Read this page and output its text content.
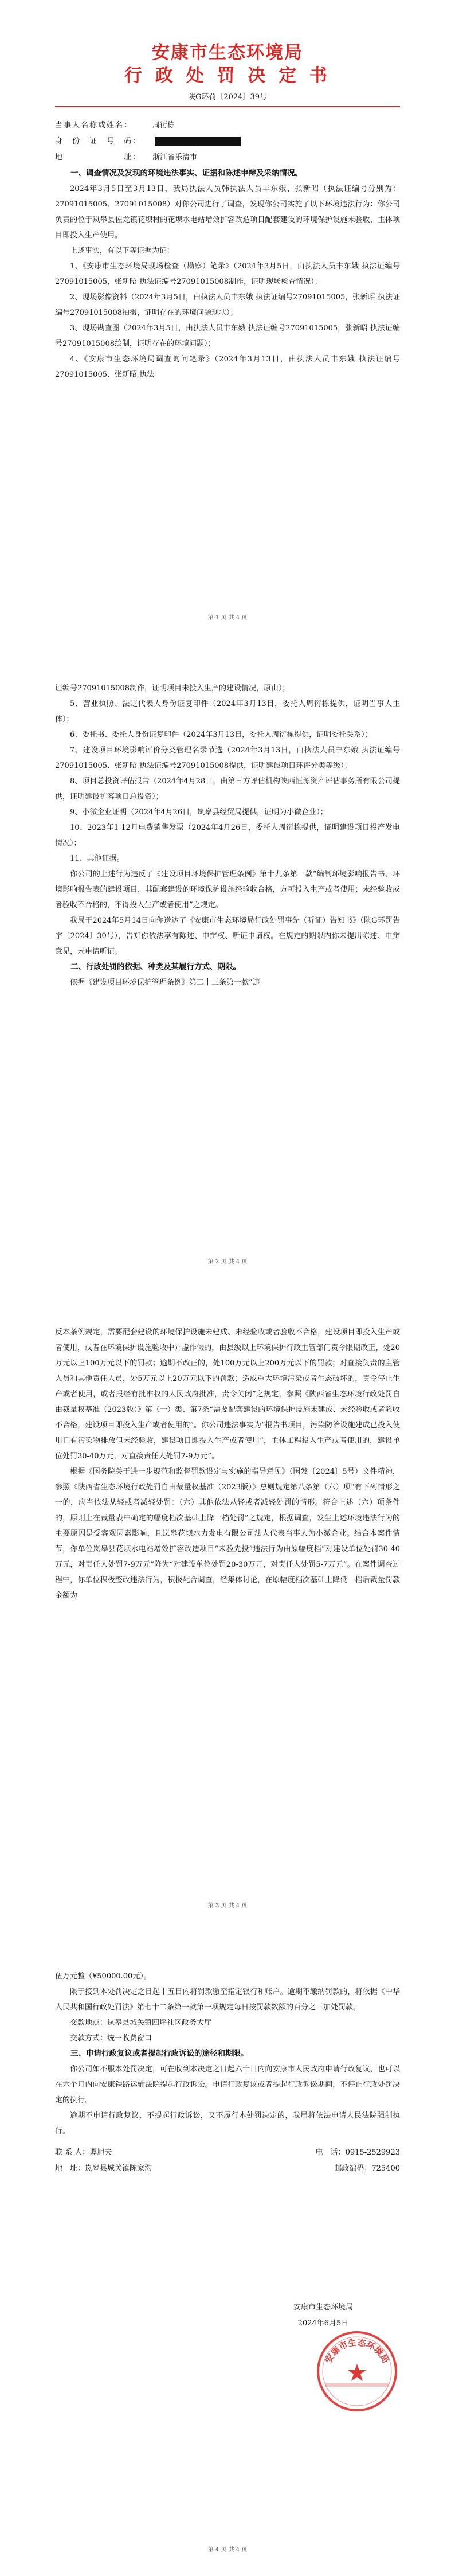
安康市生态环境局
行 政 处 罚 决 定 书
陕G环罚〔2024〕39号
当事人名称或姓名：	周衍栋
身　份　证　号　码：
地　　　　　　　址：	浙江省乐清市
一、调查情况及发现的环境违法事实、证据和陈述申辩及采纳情况。

2024年3月5日至3月13日，我局执法人员韩执法人员丰东娥、张新昭（执法证编号分别为：27091015005、27091015008）对你公司进行了调查，发现你公司实施了以下环境违法行为：你公司负责的位于岚皋县佐龙镇花坝村的花坝水电站增效扩容改造项目配套建设的环境保护设施未验收，主体项目即投入生产使用。

上述事实，有以下等证据为证：

1、《安康市生态环境局现场检查（勘察）笔录》（2024年3月5日，由执法人员丰东娥 执法证编号27091015005，张新昭 执法证编号27091015008制作，证明现场检查情况）；

2、现场影像资料（2024年3月5日，由执法人员丰东娥 执法证编号27091015005，张新昭 执法证编号27091015008拍摄，证明存在的环境问题现状）；

3、现场勘查图（2024年3月5日，由执法人员丰东娥 执法证编号27091015005，张新昭 执法证编号27091015008绘制，证明存在的环境问题）；

4、《安康市生态环境局调查询问笔录》（2024年3月13日，由执法人员丰东娥 执法证编号27091015005、张新昭 执法

第 1 页 共 4 页

证编号27091015008制作，证明项目未投入生产的建设情况，原由）；

5、营业执照、法定代表人身份证复印件（2024年3月13日，委托人周衍栋提供，证明当事人主体）；

6、委托书、委托人身份证复印件（2024年3月13日，委托人周衍栋提供，证明委托关系）；

7、建设项目环境影响评价分类管理名录节选（2024年3月13日，由执法人员丰东娥 执法证编号27091015005、张新昭 执法证编号27091015008提供，证明建设项目环评分类等级）；

8、项目总投资评估报告（2024年4月28日，由第三方评估机构陕西恒源资产评估事务所有限公司提供，证明建设扩容项目总投资）；

9、小微企业证明（2024年4月26日，岚皋县经贸局提供，证明为小微企业）；

10、2023年1-12月电费销售发票（2024年4月26日，委托人周衍栋提供，证明建设项目投产发电情况）；

11、其他证据。

你公司的上述行为违反了《建设项目环境保护管理条例》第十九条第一款“编制环境影响报告书、环境影响报告表的建设项目，其配套建设的环境保护设施经验收合格，方可投入生产或者使用；未经验收或者验收不合格的，不得投入生产或者使用”之规定。

我局于2024年5月14日向你送达了《安康市生态环境局行政处罚事先（听证）告知书》（陕G环罚告字〔2024〕30号），告知你依法享有陈述、申辩权、听证申请权。在规定的期限内你未提出陈述、申辩意见，未申请听证。

二、行政处罚的依据、种类及其履行方式、期限。

依据《建设项目环境保护管理条例》第二十三条第一款“违

第 2 页 共 4 页

反本条例规定，需要配套建设的环境保护设施未建成、未经验收或者验收不合格，建设项目即投入生产或者使用，或者在环境保护设施验收中弄虚作假的，由县级以上环境保护行政主管部门责令限期改正，处20万元以上100万元以下的罚款；逾期不改正的，处100万元以上200万元以下的罚款；对直接负责的主管人员和其他责任人员，处5万元以上20万元以下的罚款；造成重大环境污染或者生态破坏的，责令停止生产或者使用，或者报经有批准权的人民政府批准，责令关闭”之规定，参照《陕西省生态环境行政处罚自由裁量权基准（2023版）》第（一）类、第7条“需要配套建设的环境保护设施未建成、未经验收或者验收不合格，建设项目即投入生产或者使用的”。你公司违法事实为“报告书项目，污染防治设施建成已投入使用且有污染物排放但未经验收，建设项目即投入生产或者使用”，主体工程投入生产或者使用的，建设单位处罚30-40万元，对直接责任人处罚7-9万元”。

根据《国务院关于进一步规范和监督罚款设定与实施的指导意见》（国发〔2024〕5号）文件精神，参照《陕西省生态环境行政处罚自由裁量权基准（2023版）》总则规定第八条第（六）项“有下列情形之一的，应当依法从轻或者减轻处罚：（六）其他依法从轻或者减轻处罚的情形。符合上述（六）项条件的，原则上在裁量表中确定的幅度档次基础上降一档处罚”之规定，根据调查，发生上述环境违法行为的主要原因是受客观因素影响，且岚皋花坝水力发电有限公司法人代表当事人为小微企业。结合本案件情节，你单位岚皋县花坝水电站增效扩容改造项目“未验先投”违法行为由原幅度档“对建设单位处罚30-40万元，对责任人处罚7-9万元”降为“对建设单位处罚20-30万元，对责任人处罚5-7万元”。在案件调查过程中，你单位积极整改违法行为，积极配合调查，经集体讨论，在原幅度档次基础上降低一档后裁量罚款金额为

第 3 页 共 4 页

伍万元整（¥50000.00元）。

限于接到本处罚决定之日起十五日内将罚款缴至指定银行和账户。逾期不缴纳罚款的，将依据《中华人民共和国行政处罚法》第七十二条第一款第一项规定每日按罚款数额的百分之三加处罚款。

交款地点：岚皋县城关镇四坪社区政务大厅

交款方式：统一收费窗口

三、申请行政复议或者提起行政诉讼的途径和期限。

你公司如不服本处罚决定，可在收到本决定之日起六十日内向安康市人民政府申请行政复议，也可以在六个月内向安康铁路运输法院提起行政诉讼。申请行政复议或者提起行政诉讼期间，不停止行政处罚决定的执行。

逾期不申请行政复议，不提起行政诉讼，又不履行本处罚决定的，我局将依法申请人民法院强制执行。

联 系 人：谭旭夫	电　话：0915-2529923
地　址：岚皋县城关镇陈家沟	邮政编码：725400
第 4 页 共 4 页
安康市生态环境局
2024年6月5日
安康市生态环境局
